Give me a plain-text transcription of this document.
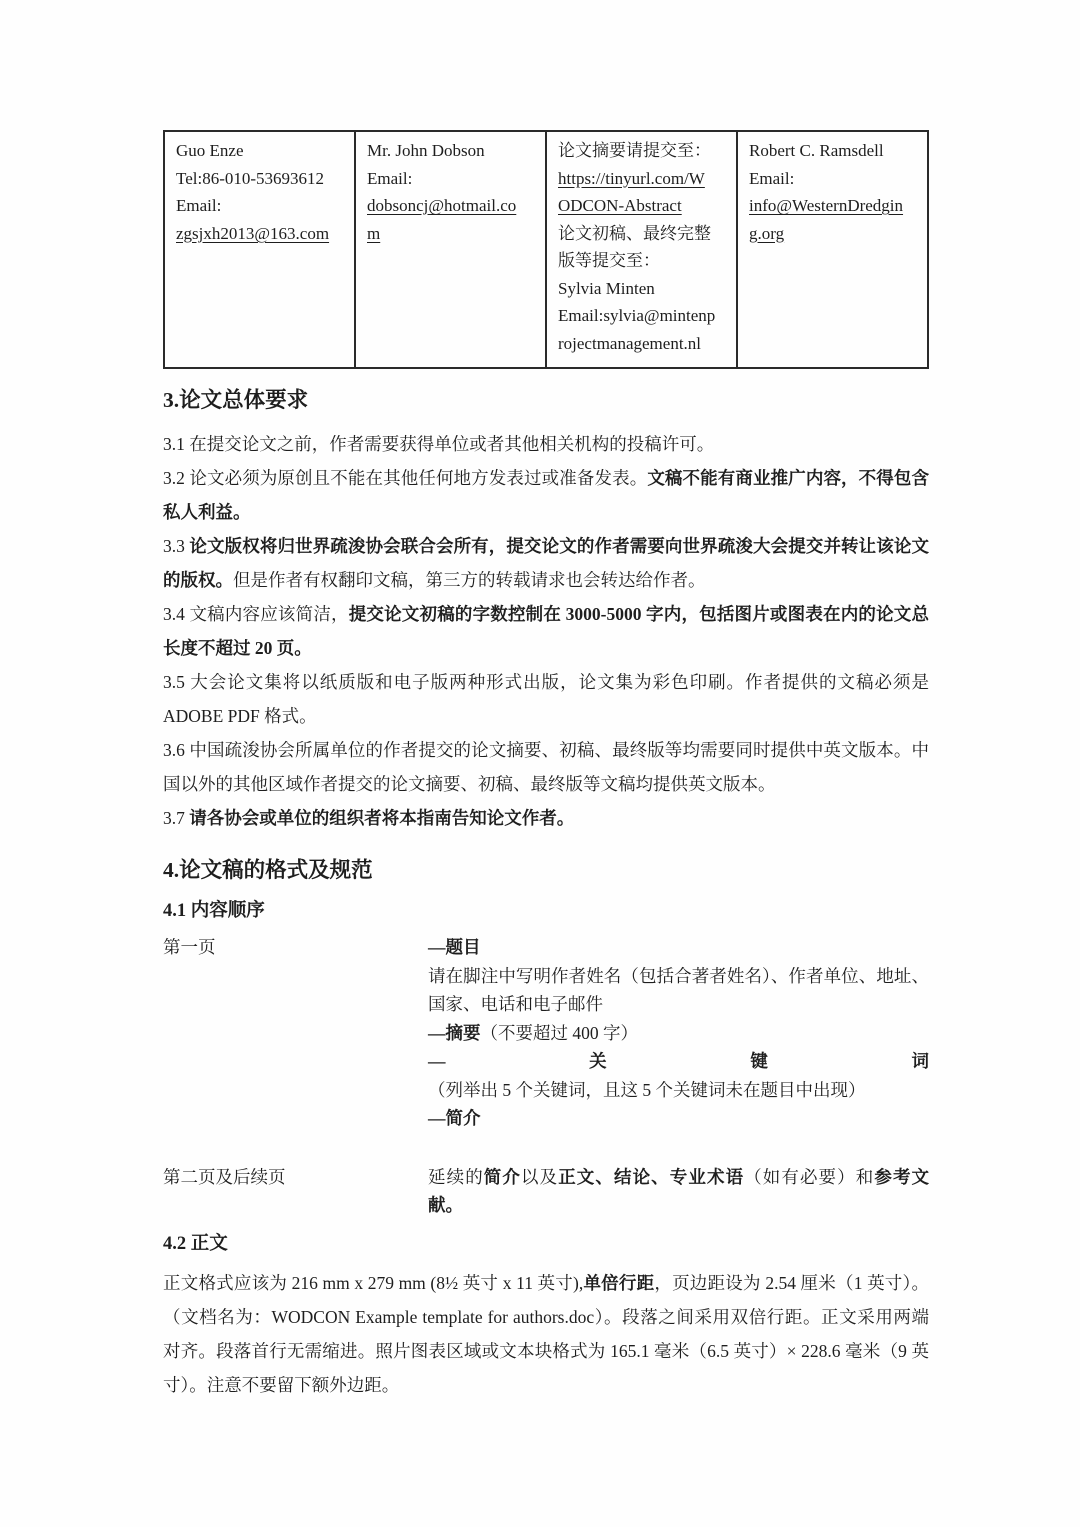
Guo Enze
Tel:86-010-53693612
Email:
zgsjxh2013@163.com

Mr. John Dobson
Email:
dobsoncj@hotmail.co
m

论文摘要请提交至：
https://tinyurl.com/W
ODCON-Abstract
论文初稿、最终完整
版等提交至：
Sylvia Minten
Email:sylvia@mintenp
rojectmanagement.nl

Robert C. Ramsdell
Email:
info@WesternDredgin
g.org
3.论文总体要求
3.1 在提交论文之前，作者需要获得单位或者其他相关机构的投稿许可。
3.2 论文必须为原创且不能在其他任何地方发表过或准备发表。文稿不能有商业推广内容，不得包含私人利益。
3.3 论文版权将归世界疏浚协会联合会所有，提交论文的作者需要向世界疏浚大会提交并转让该论文的版权。但是作者有权翻印文稿，第三方的转载请求也会转达给作者。
3.4 文稿内容应该简洁，提交论文初稿的字数控制在 3000-5000 字内，包括图片或图表在内的论文总长度不超过 20 页。
3.5 大会论文集将以纸质版和电子版两种形式出版，论文集为彩色印刷。作者提供的文稿必须是 ADOBE PDF 格式。
3.6 中国疏浚协会所属单位的作者提交的论文摘要、初稿、最终版等均需要同时提供中英文版本。中国以外的其他区域作者提交的论文摘要、初稿、最终版等文稿均提供英文版本。
3.7 请各协会或单位的组织者将本指南告知论文作者。
4.论文稿的格式及规范
4.1 内容顺序
第一页	—题目
请在脚注中写明作者姓名（包括合著者姓名）、作者单位、地址、国家、电话和电子邮件
—摘要（不要超过 400 字）
—关键词（列举出 5 个关键词，且这 5 个关键词未在题目中出现）
—简介
第二页及后续页	延续的简介以及正文、结论、专业术语（如有必要）和参考文献。
4.2 正文
正文格式应该为 216 mm x 279 mm (8½ 英寸 x 11 英寸),单倍行距，页边距设为 2.54 厘米（1 英寸）。（文档名为：WODCON Example template for authors.doc）。段落之间采用双倍行距。正文采用两端对齐。段落首行无需缩进。照片图表区域或文本块格式为 165.1 毫米（6.5 英寸）× 228.6 毫米（9 英寸）。注意不要留下额外边距。
